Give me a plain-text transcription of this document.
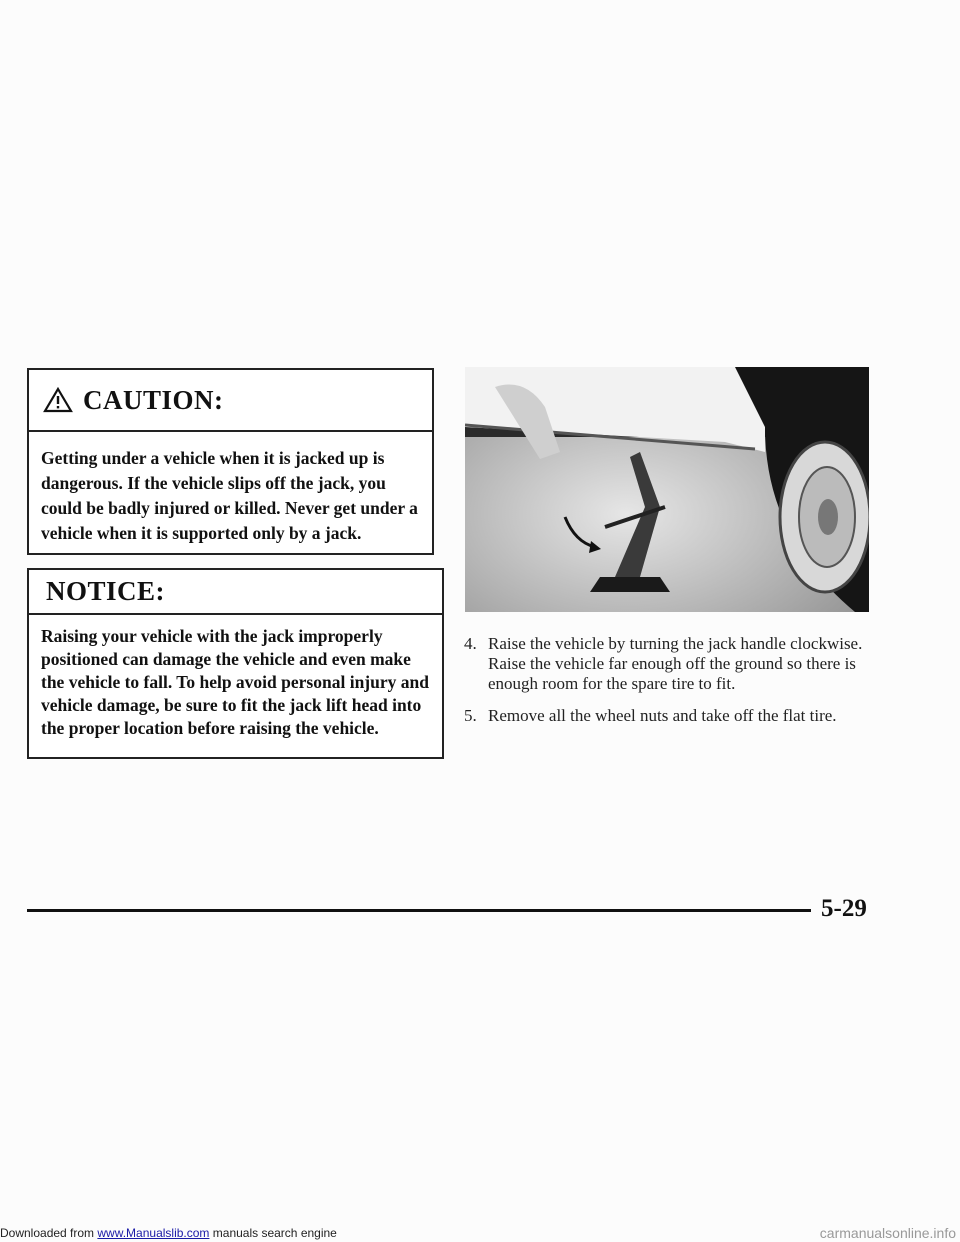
CAUTION:
Getting under a vehicle when it is jacked up is dangerous. If the vehicle slips off the jack, you could be badly injured or killed. Never get under a vehicle when it is supported only by a jack.
NOTICE:
Raising your vehicle with the jack improperly positioned can damage the vehicle and even make the vehicle to fall. To help avoid personal injury and vehicle damage, be sure to fit the jack lift head into the proper location before raising the vehicle.
4. Raise the vehicle by turning the jack handle clockwise. Raise the vehicle far enough off the ground so there is enough room for the spare tire to fit.
5. Remove all the wheel nuts and take off the flat tire.
5-29
Downloaded from www.Manualslib.com manuals search engine	carmanualsonline.info
